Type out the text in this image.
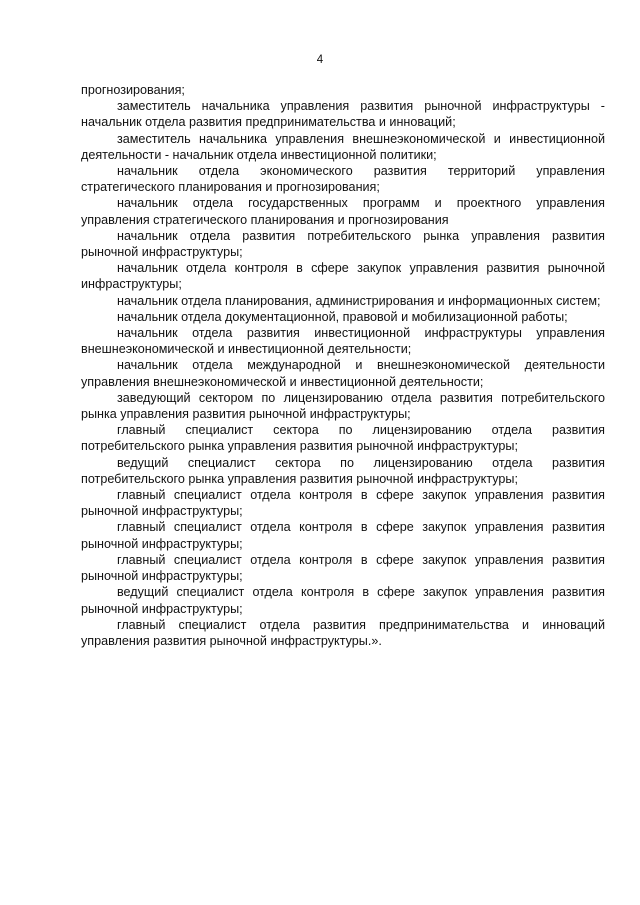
4

прогнозирования;

заместитель начальника управления развития рыночной инфраструктуры - начальник отдела развития предпринимательства и инноваций;

заместитель начальника управления внешнеэкономической и инвестиционной деятельности - начальник отдела инвестиционной политики;

начальник отдела экономического развития территорий управления стратегического планирования и прогнозирования;

начальник отдела государственных программ и проектного управления управления стратегического планирования и прогнозирования

начальник отдела развития потребительского рынка управления развития рыночной инфраструктуры;

начальник отдела контроля в сфере закупок управления развития рыночной инфраструктуры;

начальник отдела планирования, администрирования и информационных систем;

начальник отдела документационной, правовой и мобилизационной работы;

начальник отдела развития инвестиционной инфраструктуры управления внешнеэкономической и инвестиционной деятельности;

начальник отдела международной и внешнеэкономической деятельности управления внешнеэкономической и инвестиционной деятельности;

заведующий сектором по лицензированию отдела развития потребительского рынка управления развития рыночной инфраструктуры;

главный специалист сектора по лицензированию отдела развития потребительского рынка управления развития рыночной инфраструктуры;

ведущий специалист сектора по лицензированию отдела развития потребительского рынка управления развития рыночной инфраструктуры;

главный специалист отдела контроля в сфере закупок управления развития рыночной инфраструктуры;

главный специалист отдела контроля в сфере закупок управления развития рыночной инфраструктуры;

главный специалист отдела контроля в сфере закупок управления развития рыночной инфраструктуры;

ведущий специалист отдела контроля в сфере закупок управления развития рыночной инфраструктуры;

главный специалист отдела развития предпринимательства и инноваций управления развития рыночной инфраструктуры.».
